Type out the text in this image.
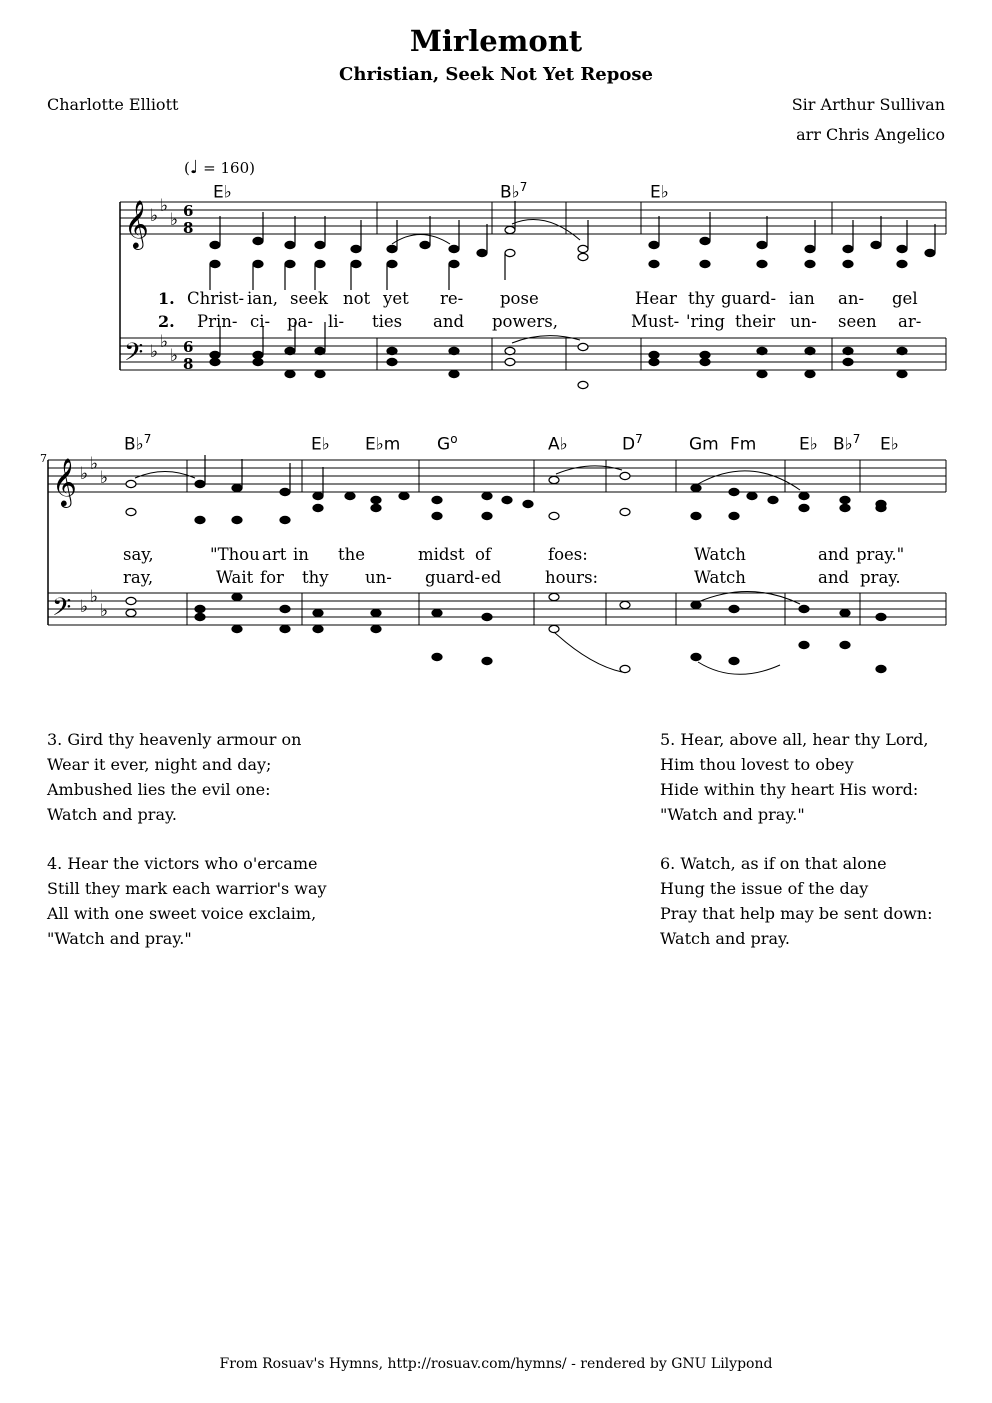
Mirlemont
Christian, Seek Not Yet Repose
Charlotte Elliott	Sir Arthur Sullivan
arr Chris Angelico
(♩ = 160)
E♭	B♭$^7$	E♭
B♭$^7$	E♭ E♭m $G^o$	A♭	$D^7$	Gm Fm	E♭ B♭$^7$ E♭
7
𝄞
𝄢
𝄞
𝄢
♭ ♭
♭
♭ ♭
♭
♭ ♭
♭
♭ ♭
♭
6
8
6
8
1. Christ- ian, seek not yet re- pose	Hear thy guard- ian an- gel
2. Prin- ci- pa- li- ties and powers,	Must- 'ring their un- seen ar-
say,	"Thou art in the	midst of	foes:	Watch	and pray."
ray,	Wait for thy un- guard- ed	hours:	Watch	and pray.
3. Gird thy heavenly armour on
Wear it ever, night and day;
Ambushed lies the evil one:
Watch and pray.
4. Hear the victors who o'ercame
Still they mark each warrior's way
All with one sweet voice exclaim,
"Watch and pray."
5. Hear, above all, hear thy Lord,
Him thou lovest to obey
Hide within thy heart His word:
"Watch and pray."
6. Watch, as if on that alone
Hung the issue of the day
Pray that help may be sent down:
Watch and pray.
From Rosuav's Hymns, http://rosuav.com/hymns/ - rendered by GNU Lilypond
